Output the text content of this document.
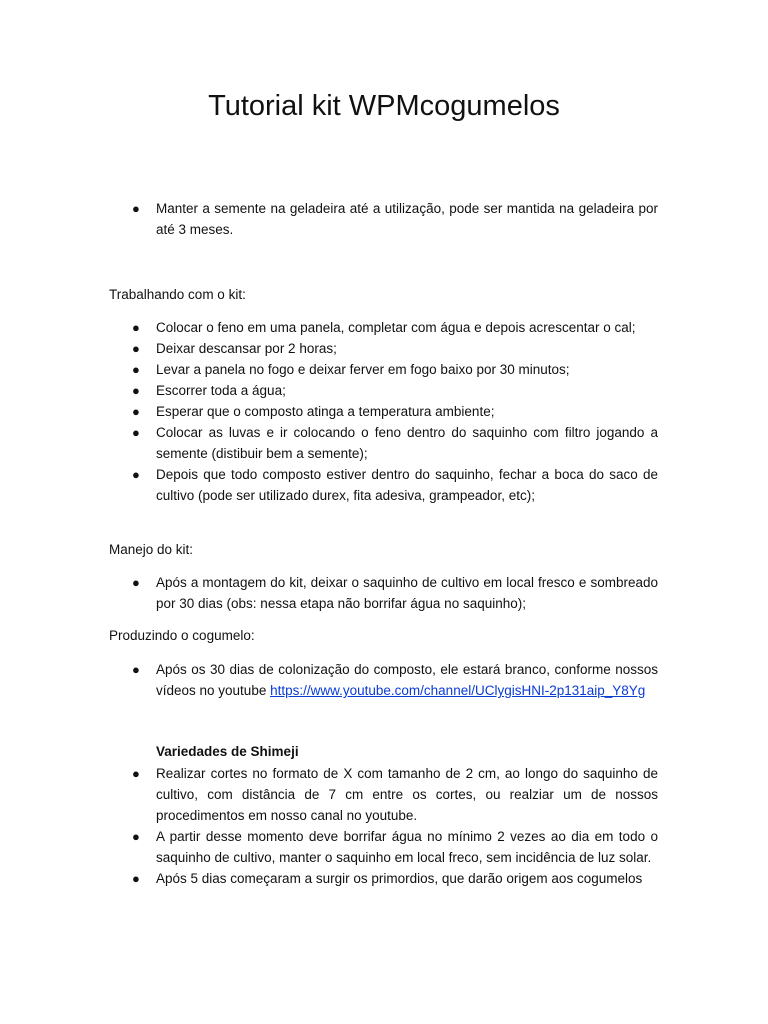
Tutorial kit WPMcogumelos
● Manter a semente na geladeira até a utilização, pode ser mantida na geladeira por até 3 meses.

Trabalhando com o kit:

● Colocar o feno em uma panela, completar com água e depois acrescentar o cal;
● Deixar descansar por 2 horas;
● Levar a panela no fogo e deixar ferver em fogo baixo por 30 minutos;
● Escorrer toda a água;
● Esperar que o composto atinga a temperatura ambiente;
● Colocar as luvas e ir colocando o feno dentro do saquinho com filtro jogando a semente (distibuir bem a semente);
● Depois que todo composto estiver dentro do saquinho, fechar a boca do saco de cultivo (pode ser utilizado durex, fita adesiva, grampeador, etc);

Manejo do kit:

● Após a montagem do kit, deixar o saquinho de cultivo em local fresco e sombreado por 30 dias (obs: nessa etapa não borrifar água no saquinho);

Produzindo o cogumelo:

● Após os 30 dias de colonização do composto, ele estará branco, conforme nossos vídeos no youtube https://www.youtube.com/channel/UClygisHNI-2p131aip_Y8Yg

Variedades de Shimeji

● Realizar cortes no formato de X com tamanho de 2 cm, ao longo do saquinho de cultivo, com distância de 7 cm entre os cortes, ou realziar um de nossos procedimentos em nosso canal no youtube.
● A partir desse momento deve borrifar água no mínimo 2 vezes ao dia em todo o saquinho de cultivo, manter o saquinho em local freco, sem incidência de luz solar.
● Após 5 dias começaram a surgir os primordios, que darão origem aos cogumelos
